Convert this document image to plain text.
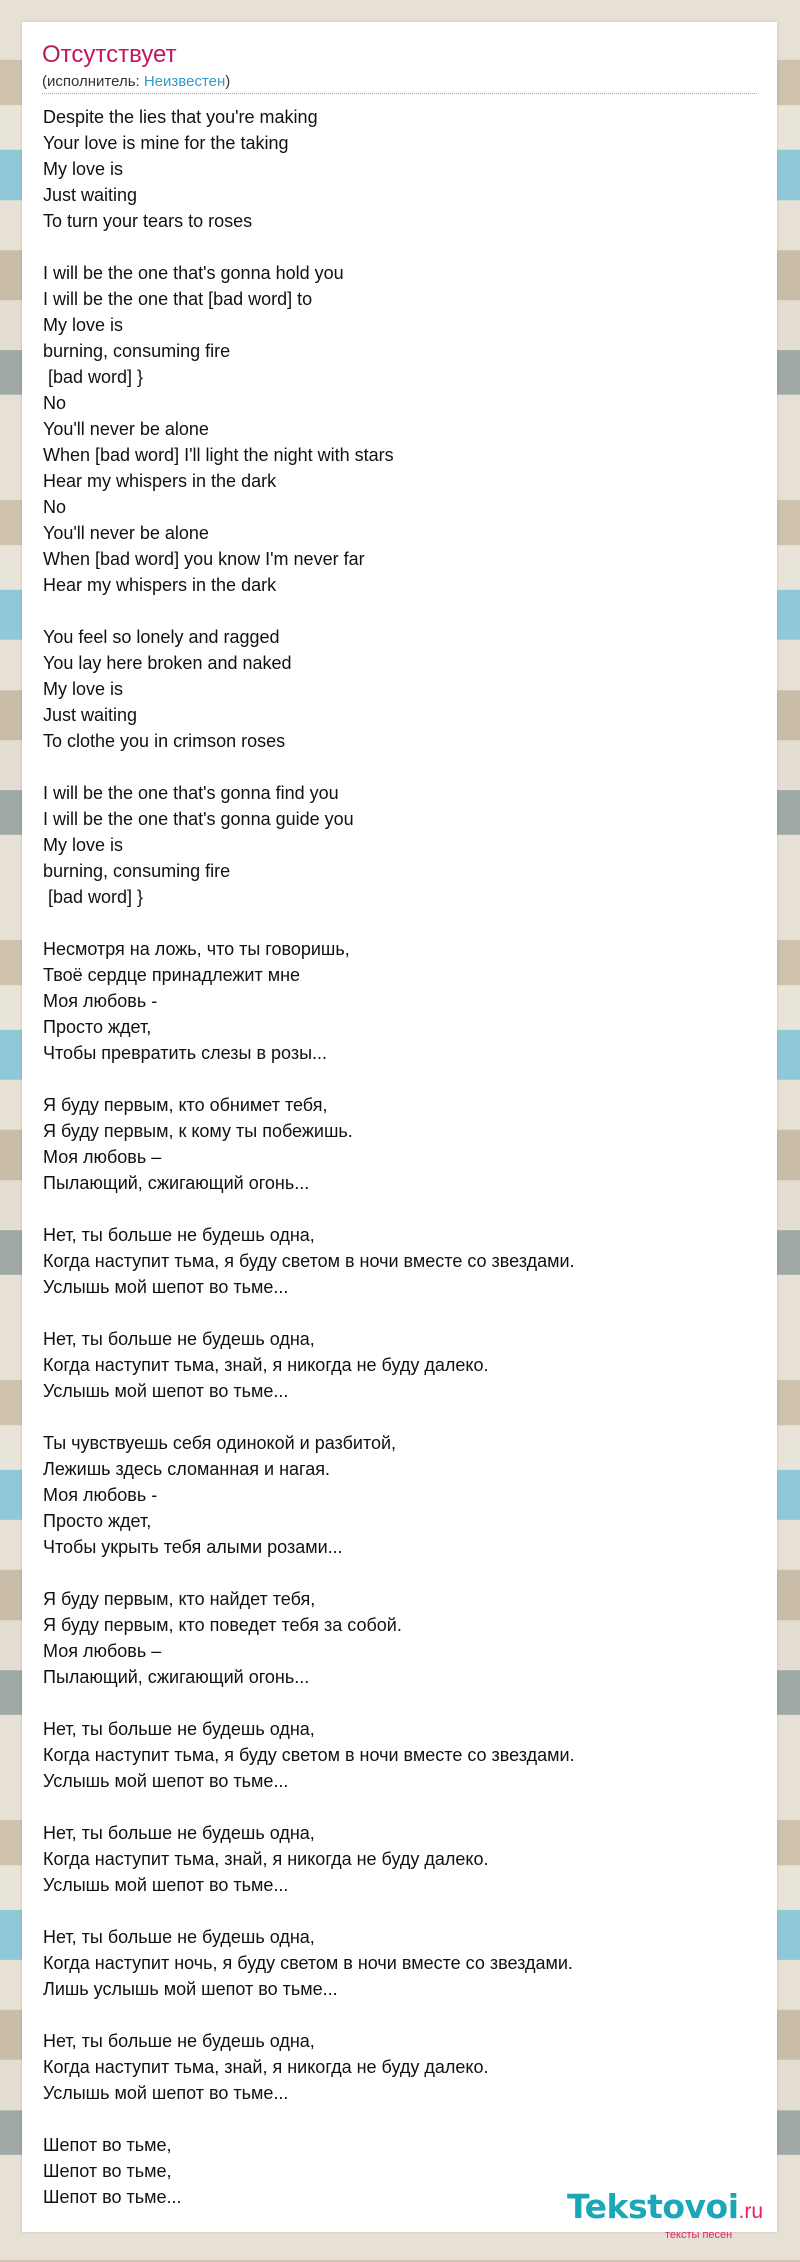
Отсутствует
(исполнитель: Неизвестен)
Despite the lies that you're making
Your love is mine for the taking
My love is
Just waiting
To turn your tears to roses
I will be the one that's gonna hold you
I will be the one that [bad word] to
My love is
burning, consuming fire
[bad word] }
No
You'll never be alone
When [bad word] I'll light the night with stars
Hear my whispers in the dark
No
You'll never be alone
When [bad word] you know I'm never far
Hear my whispers in the dark
You feel so lonely and ragged
You lay here broken and naked
My love is
Just waiting
To clothe you in crimson roses
I will be the one that's gonna find you
I will be the one that's gonna guide you
My love is
burning, consuming fire
[bad word] }
Несмотря на ложь, что ты говоришь,
Твоё сердце принадлежит мне
Моя любовь -
Просто ждет,
Чтобы превратить слезы в розы...
Я буду первым, кто обнимет тебя,
Я буду первым, к кому ты побежишь.
Моя любовь –
Пылающий, сжигающий огонь...
Нет, ты больше не будешь одна,
Когда наступит тьма, я буду светом в ночи вместе со звездами.
Услышь мой шепот во тьме...
Нет, ты больше не будешь одна,
Когда наступит тьма, знай, я никогда не буду далеко.
Услышь мой шепот во тьме...
Ты чувствуешь себя одинокой и разбитой,
Лежишь здесь сломанная и нагая.
Моя любовь -
Просто ждет,
Чтобы укрыть тебя алыми розами...
Я буду первым, кто найдет тебя,
Я буду первым, кто поведет тебя за собой.
Моя любовь –
Пылающий, сжигающий огонь...
Нет, ты больше не будешь одна,
Когда наступит тьма, я буду светом в ночи вместе со звездами.
Услышь мой шепот во тьме...
Нет, ты больше не будешь одна,
Когда наступит тьма, знай, я никогда не буду далеко.
Услышь мой шепот во тьме...
Нет, ты больше не будешь одна,
Когда наступит ночь, я буду светом в ночи вместе со звездами.
Лишь услышь мой шепот во тьме...
Нет, ты больше не будешь одна,
Когда наступит тьма, знай, я никогда не буду далеко.
Услышь мой шепот во тьме...
Шепот во тьме,
Шепот во тьме,
Шепот во тьме...	Tekstovoi.ru
тексты песен
